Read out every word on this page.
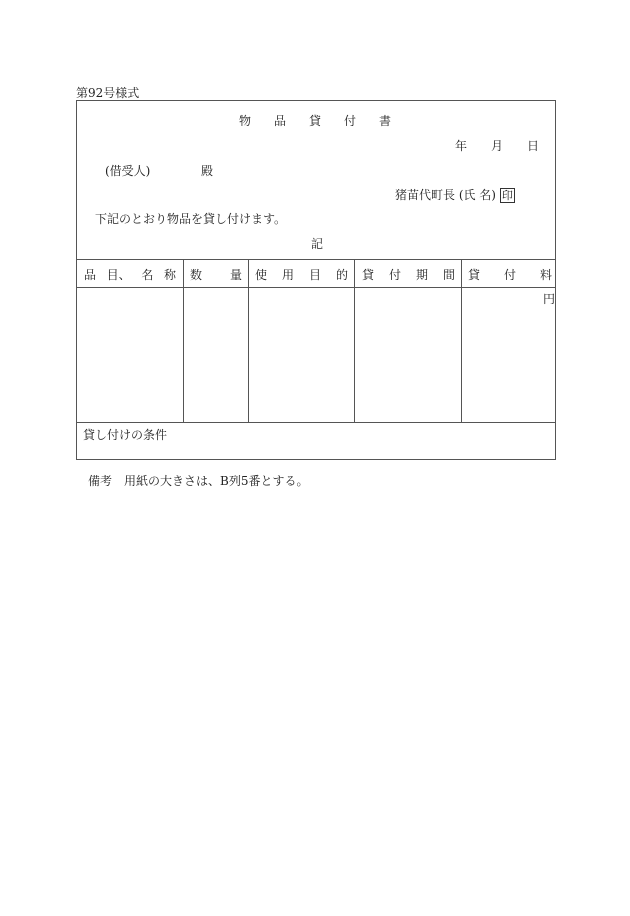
第92号様式
物 品 貸 付 書
年 月 日
(借受人)	殿
猪苗代町長 (氏 名) 印
下記のとおり物品を貸し付けます。
記
品 目、 名 称 数 量 使 用 目 的 貸 付 期 間 貸 付 料
円
貸し付けの条件
備考　用紙の大きさは、B列5番とする。
